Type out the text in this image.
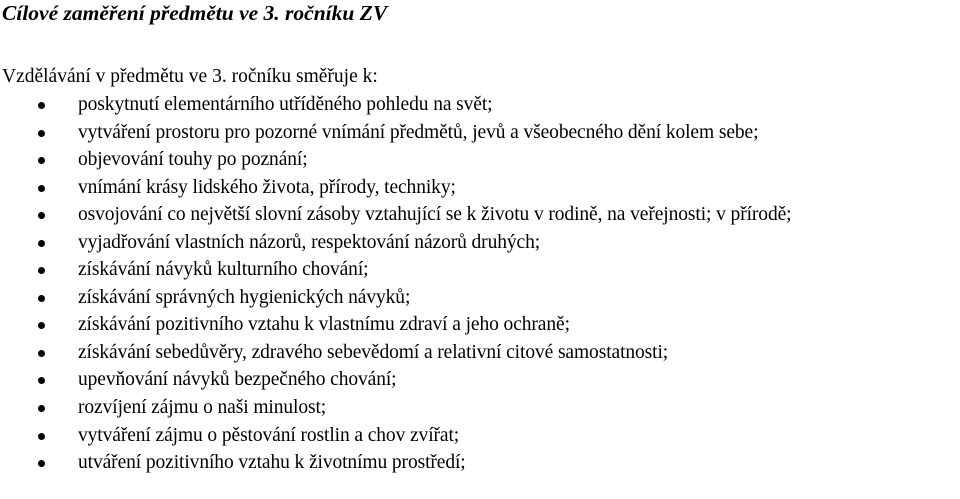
Cílové zaměření předmětu ve 3. ročníku ZV
Vzdělávání v předmětu ve 3. ročníku směřuje k:
poskytnutí elementárního utříděného pohledu na svět;
vytváření prostoru pro pozorné vnímání předmětů, jevů a všeobecného dění kolem sebe;
objevování touhy po poznání;
vnímání krásy lidského života, přírody, techniky;
osvojování co největší slovní zásoby vztahující se k životu v rodině, na veřejnosti; v přírodě;
vyjadřování vlastních názorů, respektování názorů druhých;
získávání návyků kulturního chování;
získávání správných hygienických návyků;
získávání pozitivního vztahu k vlastnímu zdraví a jeho ochraně;
získávání sebedůvěry, zdravého sebevědomí a relativní citové samostatnosti;
upevňování návyků bezpečného chování;
rozvíjení zájmu o naši minulost;
vytváření zájmu o pěstování rostlin a chov zvířat;
utváření pozitivního vztahu k životnímu prostředí;
